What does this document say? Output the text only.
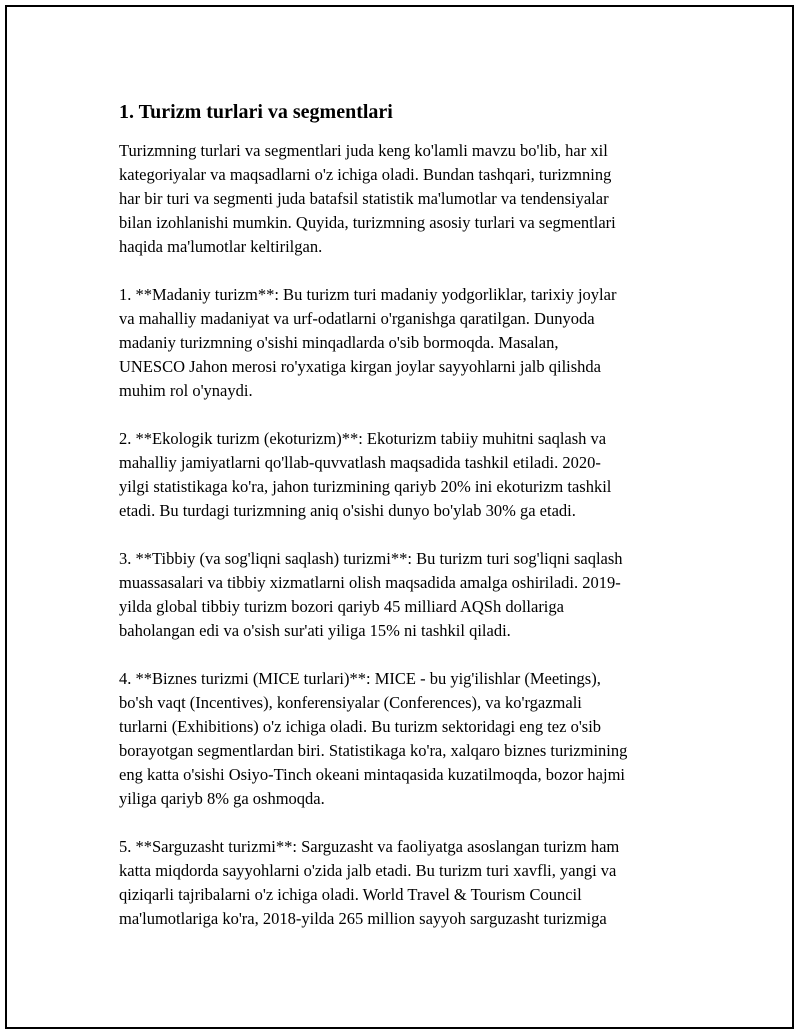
1. Turizm turlari va segmentlari

Turizmning turlari va segmentlari juda keng ko'lamli mavzu bo'lib, har xil
kategoriyalar va maqsadlarni o'z ichiga oladi. Bundan tashqari, turizmning
har bir turi va segmenti juda batafsil statistik ma'lumotlar va tendensiyalar
bilan izohlanishi mumkin. Quyida, turizmning asosiy turlari va segmentlari
haqida ma'lumotlar keltirilgan.

1. **Madaniy turizm**: Bu turizm turi madaniy yodgorliklar, tarixiy joylar
va mahalliy madaniyat va urf-odatlarni o'rganishga qaratilgan. Dunyoda
madaniy turizmning o'sishi minqadlarda o'sib bormoqda. Masalan,
UNESCO Jahon merosi ro'yxatiga kirgan joylar sayyohlarni jalb qilishda
muhim rol o'ynaydi.

2. **Ekologik turizm (ekoturizm)**: Ekoturizm tabiiy muhitni saqlash va
mahalliy jamiyatlarni qo'llab-quvvatlash maqsadida tashkil etiladi. 2020-
yilgi statistikaga ko'ra, jahon turizmining qariyb 20% ini ekoturizm tashkil
etadi. Bu turdagi turizmning aniq o'sishi dunyo bo'ylab 30% ga etadi.

3. **Tibbiy (va sog'liqni saqlash) turizmi**: Bu turizm turi sog'liqni saqlash
muassasalari va tibbiy xizmatlarni olish maqsadida amalga oshiriladi. 2019-
yilda global tibbiy turizm bozori qariyb 45 milliard AQSh dollariga
baholangan edi va o'sish sur'ati yiliga 15% ni tashkil qiladi.

4. **Biznes turizmi (MICE turlari)**: MICE - bu yig'ilishlar (Meetings),
bo'sh vaqt (Incentives), konferensiyalar (Conferences), va ko'rgazmali
turlarni (Exhibitions) o'z ichiga oladi. Bu turizm sektoridagi eng tez o'sib
borayotgan segmentlardan biri. Statistikaga ko'ra, xalqaro biznes turizmining
eng katta o'sishi Osiyo-Tinch okeani mintaqasida kuzatilmoqda, bozor hajmi
yiliga qariyb 8% ga oshmoqda.

5. **Sarguzasht turizmi**: Sarguzasht va faoliyatga asoslangan turizm ham
katta miqdorda sayyohlarni o'zida jalb etadi. Bu turizm turi xavfli, yangi va
qiziqarli tajribalarni o'z ichiga oladi. World Travel & Tourism Council
ma'lumotlariga ko'ra, 2018-yilda 265 million sayyoh sarguzasht turizmiga
